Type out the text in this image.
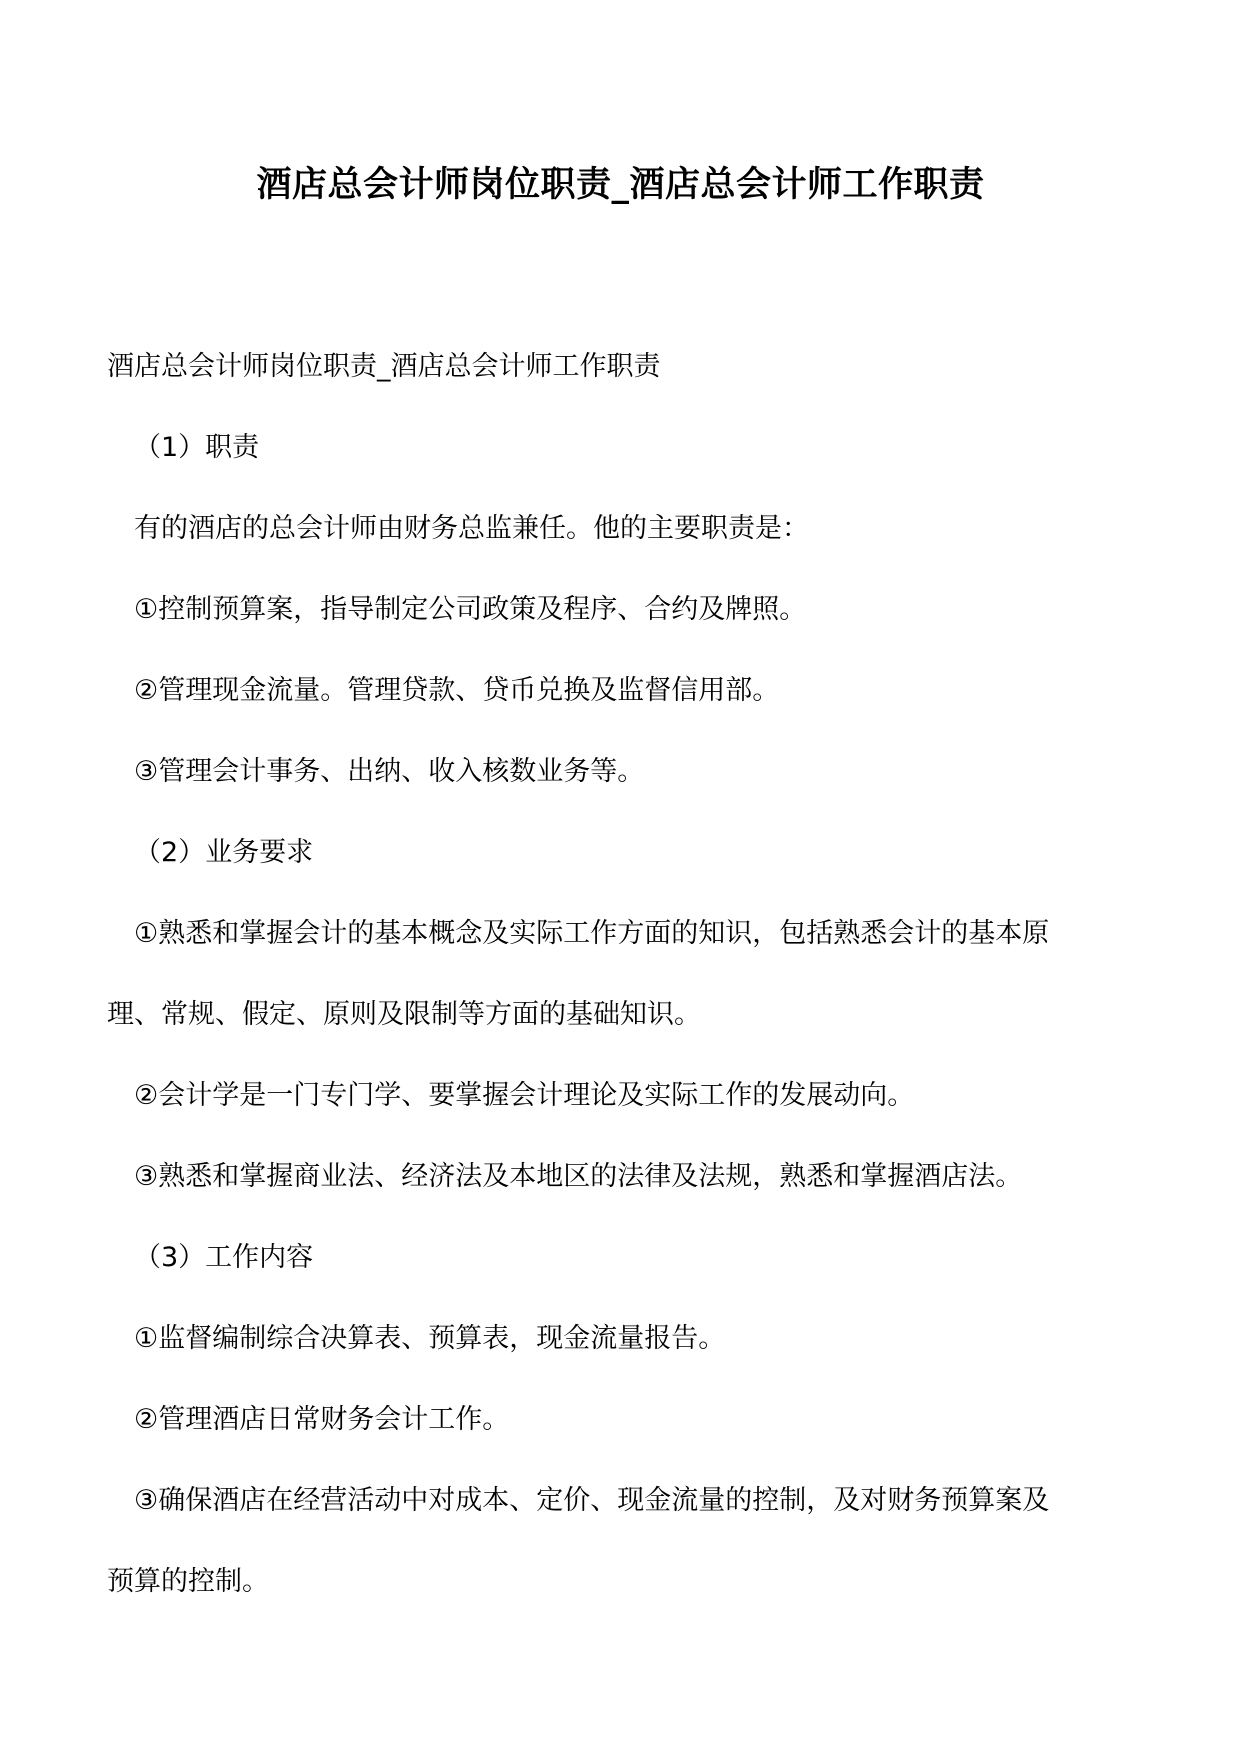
酒店总会计师岗位职责_酒店总会计师工作职责

酒店总会计师岗位职责_酒店总会计师工作职责

（1）职责

有的酒店的总会计师由财务总监兼任。他的主要职责是：

①控制预算案，指导制定公司政策及程序、合约及牌照。

②管理现金流量。管理贷款、贷币兑换及监督信用部。

③管理会计事务、出纳、收入核数业务等。

（2）业务要求

①熟悉和掌握会计的基本概念及实际工作方面的知识，包括熟悉会计的基本原

理、常规、假定、原则及限制等方面的基础知识。

②会计学是一门专门学、要掌握会计理论及实际工作的发展动向。

③熟悉和掌握商业法、经济法及本地区的法律及法规，熟悉和掌握酒店法。

（3）工作内容

①监督编制综合决算表、预算表，现金流量报告。

②管理酒店日常财务会计工作。

③确保酒店在经营活动中对成本、定价、现金流量的控制，及对财务预算案及

预算的控制。
